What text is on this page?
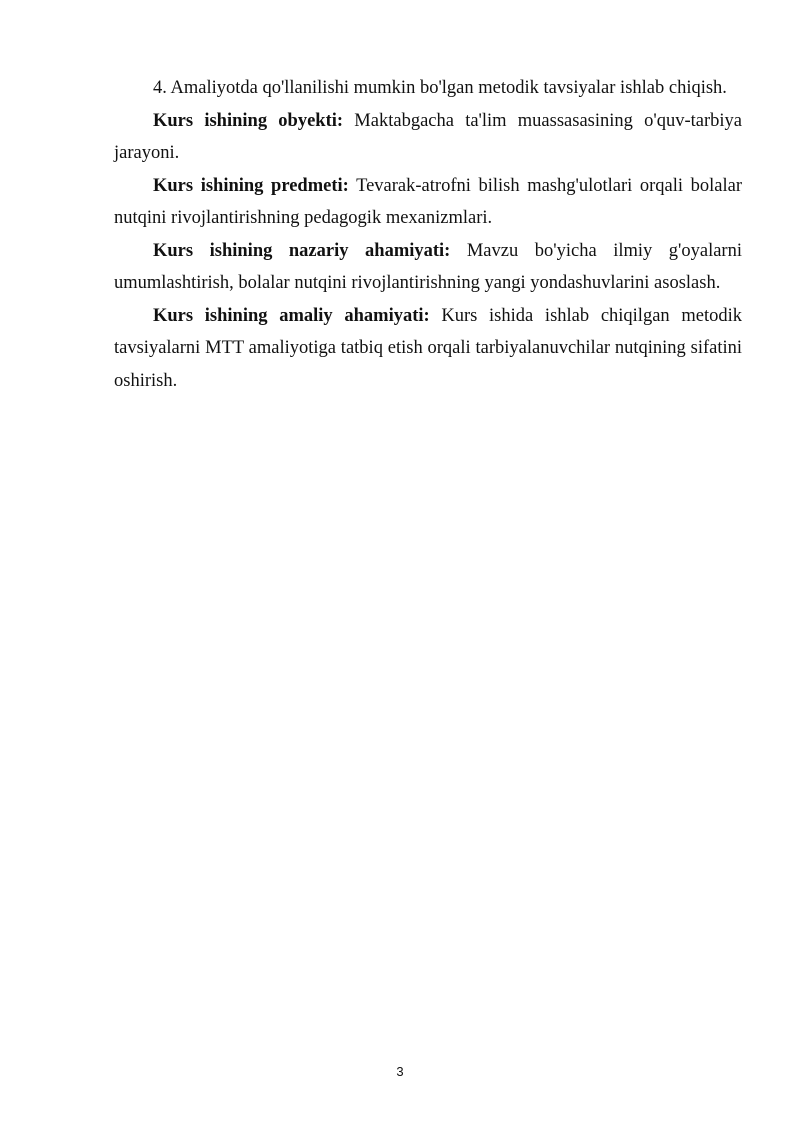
4. Amaliyotda qo'llanilishi mumkin bo'lgan metodik tavsiyalar ishlab chiqish.

Kurs ishining obyekti: Maktabgacha ta'lim muassasasining o'quv-tarbiya jarayoni.

Kurs ishining predmeti: Tevarak-atrofni bilish mashg'ulotlari orqali bolalar nutqini rivojlantirishning pedagogik mexanizmlari.

Kurs ishining nazariy ahamiyati: Mavzu bo'yicha ilmiy g'oyalarni umumlashtirish, bolalar nutqini rivojlantirishning yangi yondashuvlarini asoslash.

Kurs ishining amaliy ahamiyati: Kurs ishida ishlab chiqilgan metodik tavsiyalarni MTT amaliyotiga tatbiq etish orqali tarbiyalanuvchilar nutqining sifatini oshirish.

3
